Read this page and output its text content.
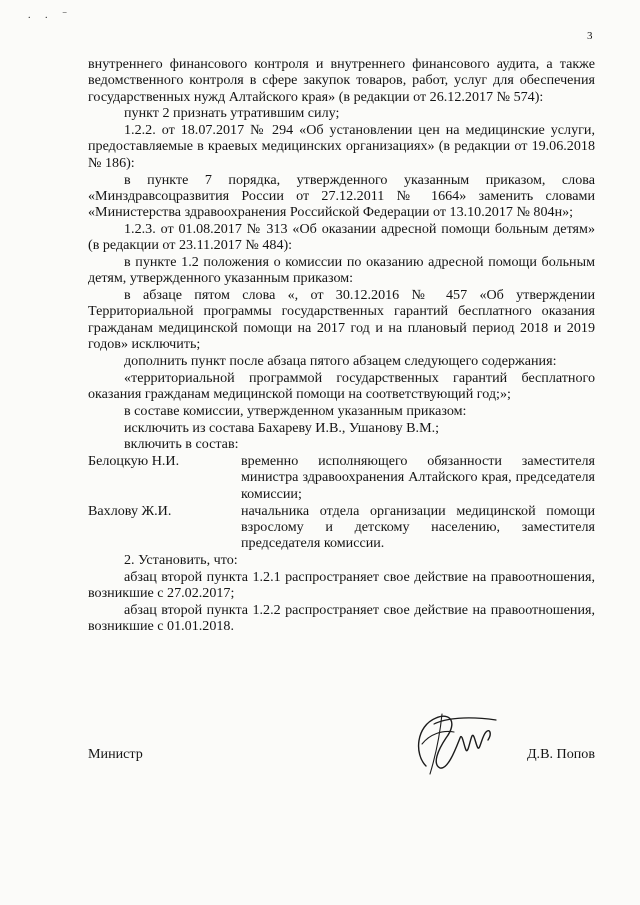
. . ⁻
3

внутреннего финансового контроля и внутреннего финансового аудита, а также ведомственного контроля в сфере закупок товаров, работ, услуг для обеспечения государственных нужд Алтайского края» (в редакции от 26.12.2017 № 574):

пункт 2 признать утратившим силу;

1.2.2. от 18.07.2017 № 294 «Об установлении цен на медицинские услуги, предоставляемые в краевых медицинских организациях» (в редакции от 19.06.2018 № 186):

в пункте 7 порядка, утвержденного указанным приказом, слова «Минздравсоцразвития России от 27.12.2011 № 1664» заменить словами «Министерства здравоохранения Российской Федерации от 13.10.2017 № 804н»;

1.2.3. от 01.08.2017 № 313 «Об оказании адресной помощи больным детям» (в редакции от 23.11.2017 № 484):

в пункте 1.2 положения о комиссии по оказанию адресной помощи больным детям, утвержденного указанным приказом:

в абзаце пятом слова «, от 30.12.2016 № 457 «Об утверждении Территориальной программы государственных гарантий бесплатного оказания гражданам медицинской помощи на 2017 год и на плановый период 2018 и 2019 годов» исключить;

дополнить пункт после абзаца пятого абзацем следующего содержания:

«территориальной программой государственных гарантий бесплатного оказания гражданам медицинской помощи на соответствующий год;»;

в составе комиссии, утвержденном указанным приказом:

исключить из состава Бахареву И.В., Ушанову В.М.;

включить в состав:

Белоцкую Н.И.	временно исполняющего обязанности заместителя министра здравоохранения Алтайского края, председателя комиссии;
Вахлову Ж.И.	начальника отдела организации медицинской помощи взрослому и детскому населению, заместителя председателя комиссии.

2. Установить, что:

абзац второй пункта 1.2.1 распространяет свое действие на правоотношения, возникшие с 27.02.2017;

абзац второй пункта 1.2.2 распространяет свое действие на правоотношения, возникшие с 01.01.2018.

Министр	Д.В. Попов
